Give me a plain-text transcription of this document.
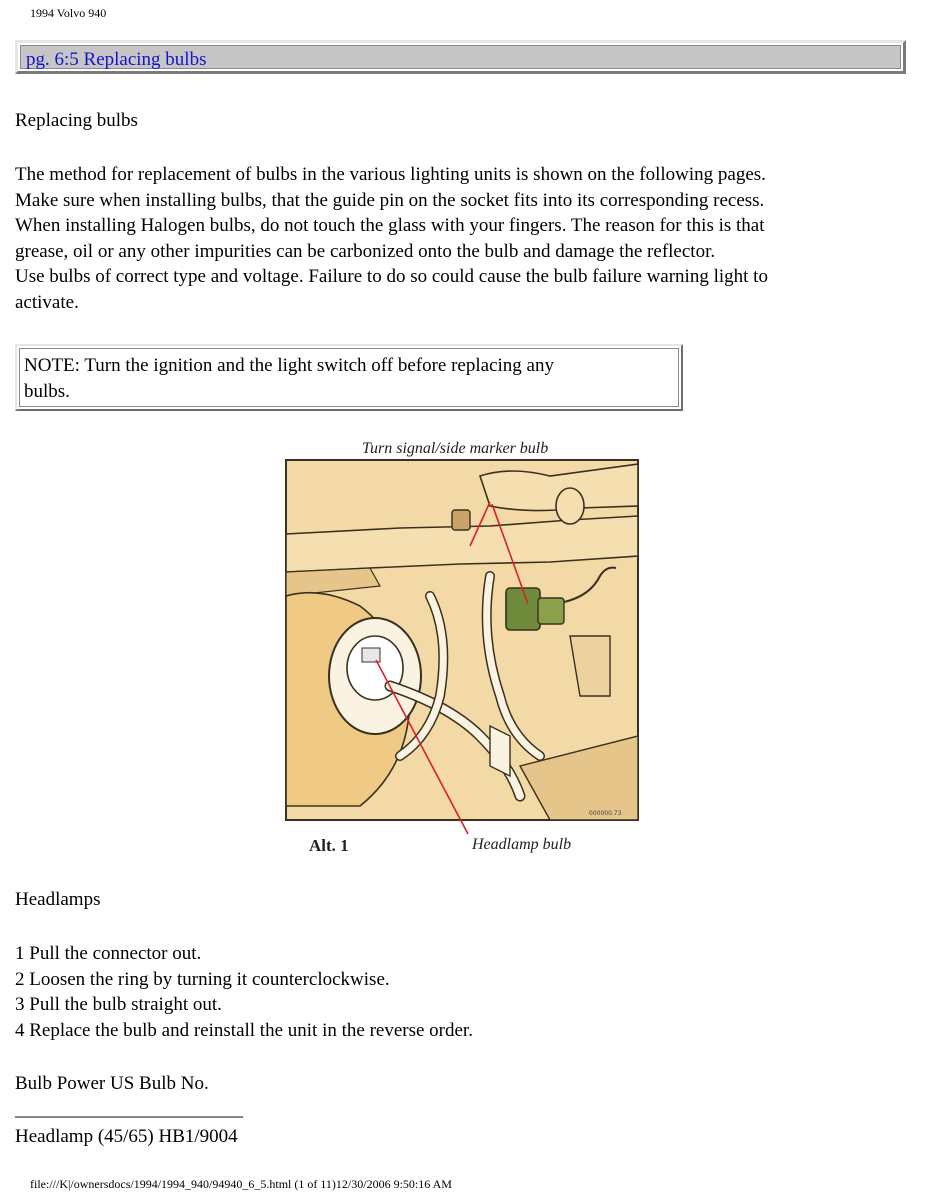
1994 Volvo 940
pg. 6:5 Replacing bulbs
Replacing bulbs
The method for replacement of bulbs in the various lighting units is shown on the following pages.
Make sure when installing bulbs, that the guide pin on the socket fits into its corresponding recess.
When installing Halogen bulbs, do not touch the glass with your fingers. The reason for this is that
grease, oil or any other impurities can be carbonized onto the bulb and damage the reflector.
Use bulbs of correct type and voltage. Failure to do so could cause the bulb failure warning light to
activate.
NOTE: Turn the ignition and the light switch off before replacing any
bulbs.
Turn signal/side marker bulb
000000.73
Alt. 1	Headlamp bulb
Headlamps
1 Pull the connector out.
2 Loosen the ring by turning it counterclockwise.
3 Pull the bulb straight out.
4 Replace the bulb and reinstall the unit in the reverse order.
Bulb Power US Bulb No.
________________________
Headlamp (45/65) HB1/9004
file:///K|/ownersdocs/1994/1994_940/94940_6_5.html (1 of 11)12/30/2006 9:50:16 AM
